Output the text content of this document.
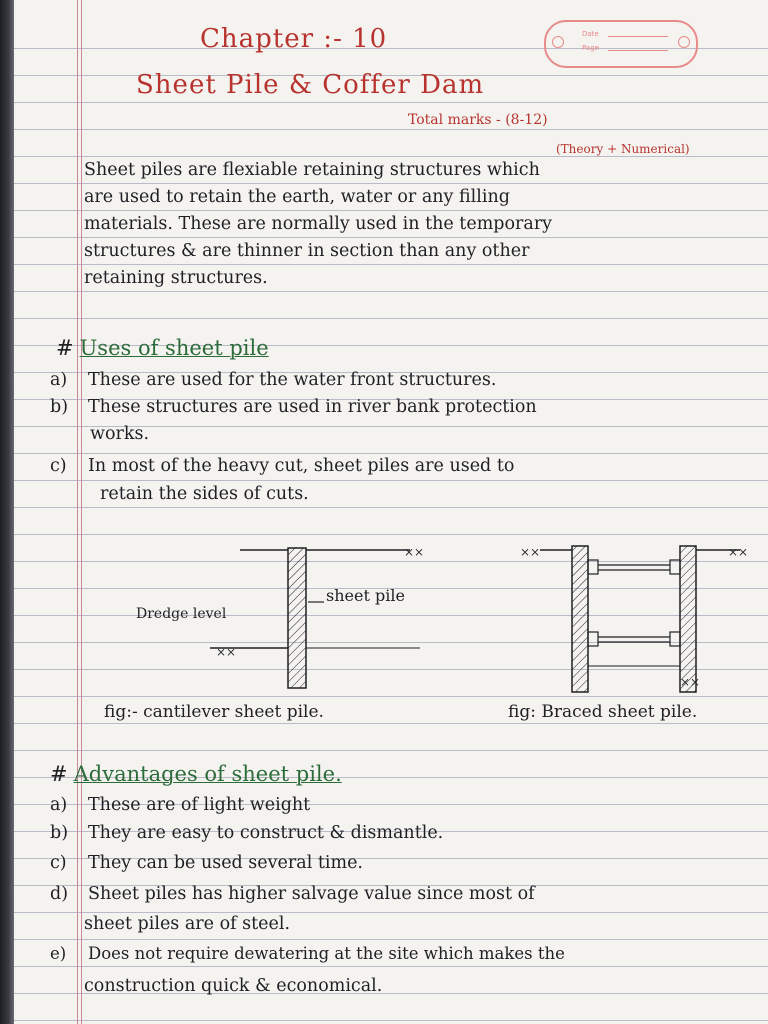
Date
Page
Chapter :- 10
Sheet Pile & Coffer Dam
Total marks - (8-12)
(Theory + Numerical)
Sheet piles are flexiable retaining structures which
are used to retain the earth, water or any filling
materials. These are normally used in the temporary
structures & are thinner in section than any other
retaining structures.
# Uses of sheet pile
a) These are used for the water front structures.
b) These structures are used in river bank protection
works.
c) In most of the heavy cut, sheet piles are used to
retain the sides of cuts.
⨯⨯
⨯⨯
⨯⨯	⨯⨯
⨯⨯
Dredge level
sheet pile
fig:- cantilever sheet pile.	fig: Braced sheet pile.
# Advantages of sheet pile.
a) These are of light weight
b) They are easy to construct & dismantle.
c) They can be used several time.
d) Sheet piles has higher salvage value since most of
sheet piles are of steel.
e) Does not require dewatering at the site which makes the
construction quick & economical.
